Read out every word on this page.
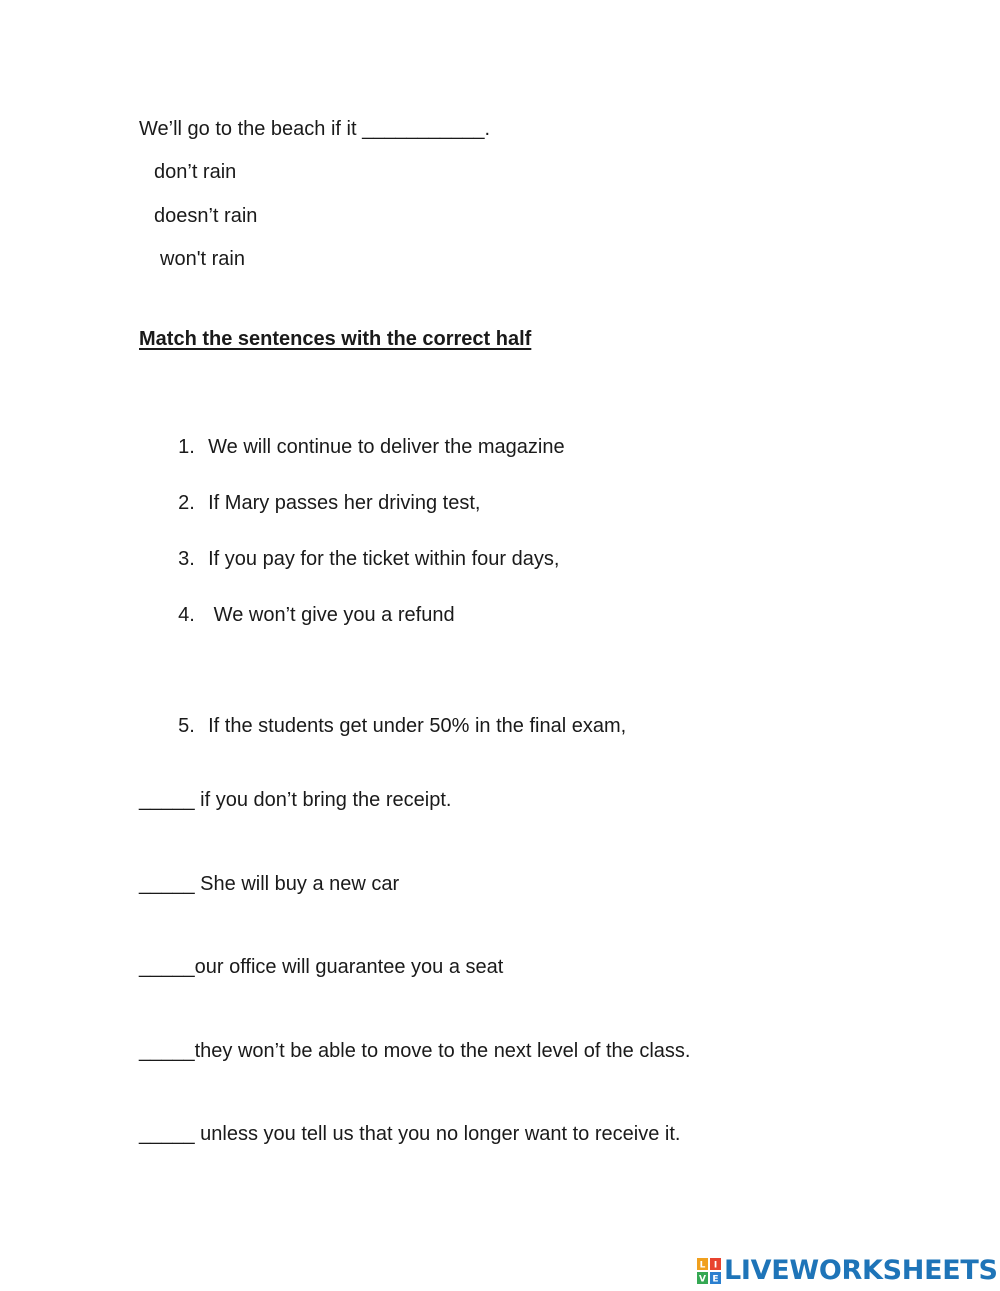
We’ll go to the beach if it ___________.
don’t rain
doesn’t rain
won't rain
Match the sentences with the correct half

1. We will continue to deliver the magazine

2. If Mary passes her driving test,

3. If you pay for the ticket within four days,

4. We won’t give you a refund

5. If the students get under 50% in the final exam,

_____ if you don’t bring the receipt.
_____ She will buy a new car
_____our office will guarantee you a seat
_____they won’t be able to move to the next level of the class.
_____ unless you tell us that you no longer want to receive it.
L I
V E LIVEWORKSHEETS
